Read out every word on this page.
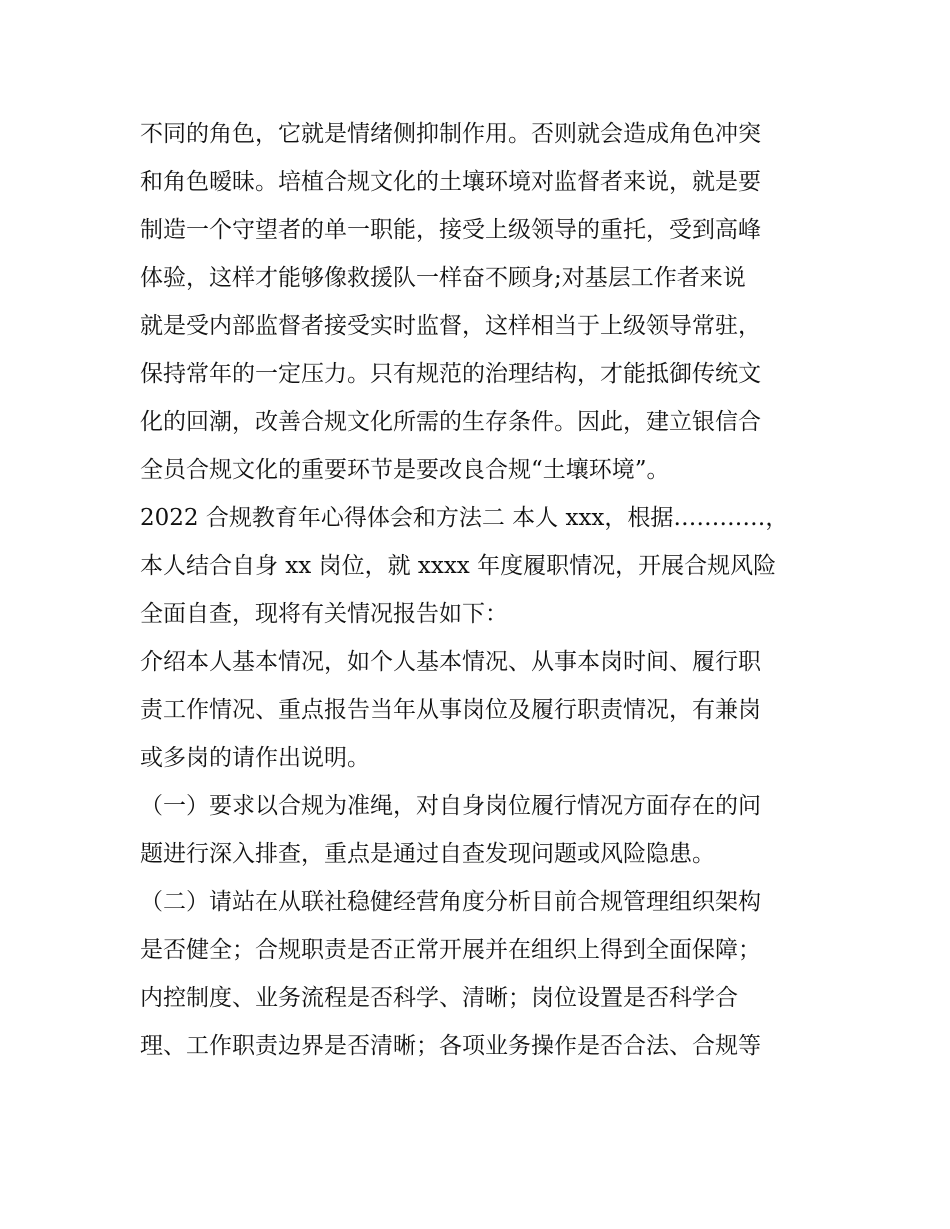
不同的角色，它就是情绪侧抑制作用。否则就会造成角色冲突
和角色暧昧。培植合规文化的土壤环境对监督者来说，就是要
制造一个守望者的单一职能，接受上级领导的重托，受到高峰
体验，这样才能够像救援队一样奋不顾身;对基层工作者来说
就是受内部监督者接受实时监督，这样相当于上级领导常驻，
保持常年的一定压力。只有规范的治理结构，才能抵御传统文
化的回潮，改善合规文化所需的生存条件。因此，建立银信合
全员合规文化的重要环节是要改良合规“土壤环境”。
2022 合规教育年心得体会和方法二 本人 xxx，根据…………，
本人结合自身 xx 岗位，就 xxxx 年度履职情况，开展合规风险
全面自查，现将有关情况报告如下：
介绍本人基本情况，如个人基本情况、从事本岗时间、履行职
责工作情况、重点报告当年从事岗位及履行职责情况，有兼岗
或多岗的请作出说明。
（一）要求以合规为准绳，对自身岗位履行情况方面存在的问
题进行深入排查，重点是通过自查发现问题或风险隐患。
（二）请站在从联社稳健经营角度分析目前合规管理组织架构
是否健全；合规职责是否正常开展并在组织上得到全面保障；
内控制度、业务流程是否科学、清晰；岗位设置是否科学合
理、工作职责边界是否清晰；各项业务操作是否合法、合规等
